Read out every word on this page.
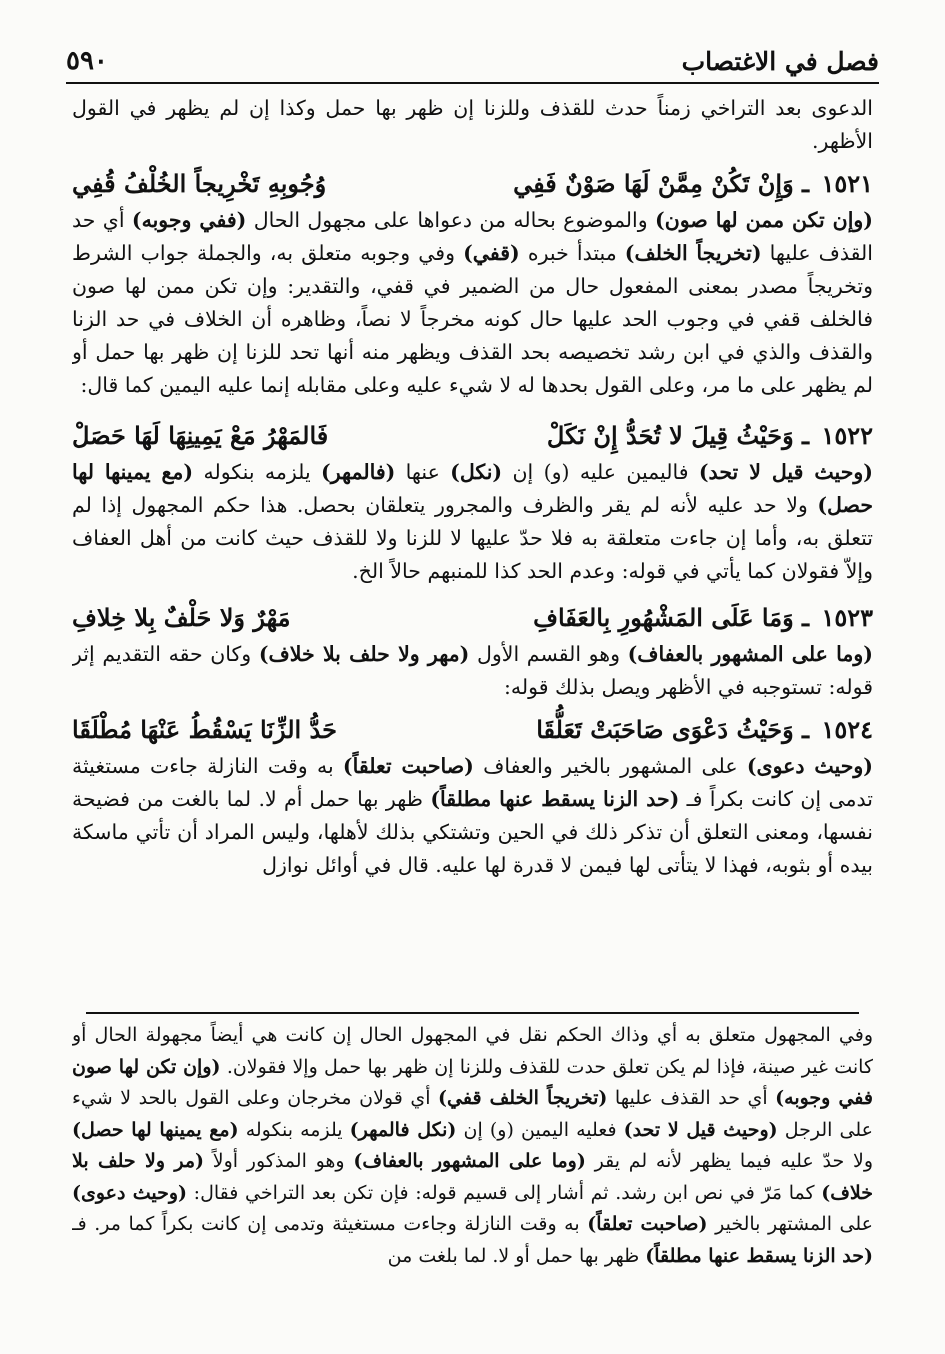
٥٩٠	فصل في الاغتصاب

الدعوى بعد التراخي زمناً حدث للقذف وللزنا إن ظهر بها حمل وكذا إن لم يظهر في القول الأظهر.

١٥٢١ ـ وَإِنْ تَكُنْ مِمَّنْ لَهَا صَوْنٌ فَفِي
وُجُوبِهِ تَخْرِيجاً الخُلْفُ قُفِي

(وإن تكن ممن لها صون) والموضوع بحاله من دعواها على مجهول الحال (ففي وجوبه) أي حد القذف عليها (تخريجاً الخلف) مبتدأ خبره (قفي) وفي وجوبه متعلق به، والجملة جواب الشرط وتخريجاً مصدر بمعنى المفعول حال من الضمير في قفي، والتقدير: وإن تكن ممن لها صون فالخلف قفي في وجوب الحد عليها حال كونه مخرجاً لا نصاً، وظاهره أن الخلاف في حد الزنا والقذف والذي في ابن رشد تخصيصه بحد القذف ويظهر منه أنها تحد للزنا إن ظهر بها حمل أو لم يظهر على ما مر، وعلى القول بحدها له لا شيء عليه وعلى مقابله إنما عليه اليمين كما قال:

١٥٢٢ ـ وَحَيْثُ قِيلَ لا تُحَدُّ إِنْ نَكَلْ
فَالمَهْرُ مَعْ يَمِينِهَا لَهَا حَصَلْ

(وحيث قيل لا تحد) فاليمين عليه (و) إن (نكل) عنها (فالمهر) يلزمه بنكوله (مع يمينها لها حصل) ولا حد عليه لأنه لم يقر والظرف والمجرور يتعلقان بحصل. هذا حكم المجهول إذا لم تتعلق به، وأما إن جاءت متعلقة به فلا حدّ عليها لا للزنا ولا للقذف حيث كانت من أهل العفاف وإلاّ فقولان كما يأتي في قوله: وعدم الحد كذا للمنبهم حالاً الخ.

١٥٢٣ ـ وَمَا عَلَى المَشْهُورِ بِالعَفَافِ
مَهْرٌ وَلا حَلْفٌ بِلا خِلافِ

(وما على المشهور بالعفاف) وهو القسم الأول (مهر ولا حلف بلا خلاف) وكان حقه التقديم إثر قوله: تستوجبه في الأظهر ويصل بذلك قوله:

١٥٢٤ ـ وَحَيْثُ دَعْوَى صَاحَبَتْ تَعَلُّقَا
حَدُّ الزِّنَا يَسْقُطُ عَنْهَا مُطْلَقَا

(وحيث دعوى) على المشهور بالخير والعفاف (صاحبت تعلقاً) به وقت النازلة جاءت مستغيثة تدمى إن كانت بكراً فـ (حد الزنا يسقط عنها مطلقاً) ظهر بها حمل أم لا. لما بالغت من فضيحة نفسها، ومعنى التعلق أن تذكر ذلك في الحين وتشتكي بذلك لأهلها، وليس المراد أن تأتي ماسكة بيده أو بثوبه، فهذا لا يتأتى لها فيمن لا قدرة لها عليه. قال في أوائل نوازل

وفي المجهول متعلق به أي وذاك الحكم نقل في المجهول الحال إن كانت هي أيضاً مجهولة الحال أو كانت غير صينة، فإذا لم يكن تعلق حدت للقذف وللزنا إن ظهر بها حمل وإلا فقولان. (وإن تكن لها صون ففي وجوبه) أي حد القذف عليها (تخريجاً الخلف قفي) أي قولان مخرجان وعلى القول بالحد لا شيء على الرجل (وحيث قيل لا تحد) فعليه اليمين (و) إن (نكل فالمهر) يلزمه بنكوله (مع يمينها لها حصل) ولا حدّ عليه فيما يظهر لأنه لم يقر (وما على المشهور بالعفاف) وهو المذكور أولاً (مر ولا حلف بلا خلاف) كما مَرّ في نص ابن رشد. ثم أشار إلى قسيم قوله: فإن تكن بعد التراخي فقال: (وحيث دعوى) على المشتهر بالخير (صاحبت تعلقاً) به وقت النازلة وجاءت مستغيثة وتدمى إن كانت بكراً كما مر. فـ (حد الزنا يسقط عنها مطلقاً) ظهر بها حمل أو لا. لما بلغت من
